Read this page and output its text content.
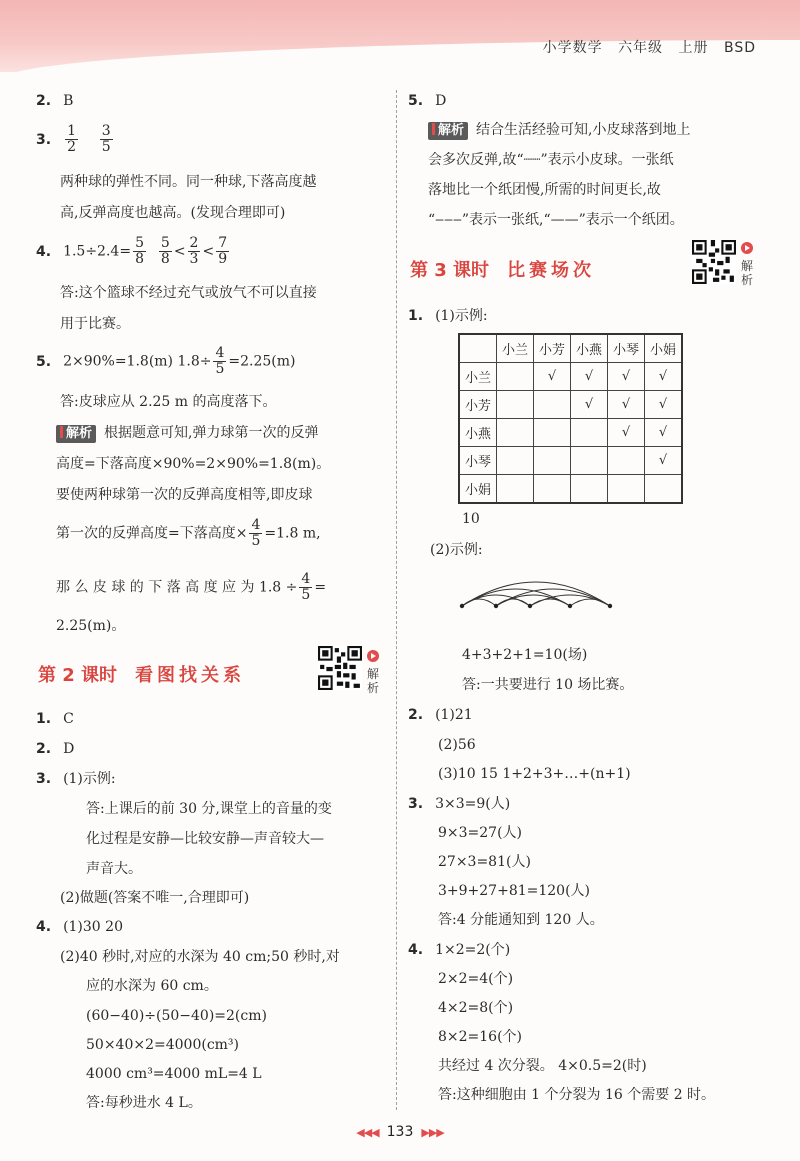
小学数学 六年级 上册 BSD
2. B
3. $\frac{1}{2}$
$\frac{3}{5}$
两种球的弹性不同。同一种球,下落高度越
高,反弹高度也越高。(发现合理即可)
4. $1.5\div 2.4= \frac{5}{8}$
$\frac{5}{8} < \frac{2}{3} < \frac{7}{9}$
答:这个篮球不经过充气或放气不可以直接
用于比赛。
5. 2×90%=1.8(m) $1.8\div \frac{4}{5} =2.25(m)$
答:皮球应从 2.25 m 的高度落下。
解析 根据题意可知,弹力球第一次的反弹
高度=下落高度×90%=2×90%=1.8(m)。
要使两种球第一次的反弹高度相等,即皮球
第一次的反弹高度=下落高度× $\frac{4}{5} =1.8$ m,
那 么 皮 球 的 下 落 高 度 应 为 $1.8 \div \frac{4}{5}$ =
2.25(m)。
第 2 课时 看图找关系	解析
1. C
2. D
3. (1)示例:
答:上课后的前 30 分,课堂上的音量的变
化过程是安静—比较安静—声音较大—
声音大。
(2)做题(答案不唯一,合理即可)
4. (1)30 20
(2)40 秒时,对应的水深为 40 cm;50 秒时,对
应的水深为 60 cm。
(60−40)÷(50−40)=2(cm)
50×40×2=4000(cm³)
4000 cm³=4000 mL=4 L
答:每秒进水 4 L。
5. D
解析 结合生活经验可知,小皮球落到地上
会多次反弹,故“┈┈”表示小皮球。一张纸
落地比一个纸团慢,所需的时间更长,故
“‒‒‒”表示一张纸,“——”表示一个纸团。
第 3 课时 比赛场次	解析
1. (1)示例:
	小兰	小芳	小燕	小琴	小娟
小兰		√	√	√	√
小芳			√	√	√
小燕				√	√
小琴					√
小娟					
10
(2)示例:
4+3+2+1=10(场)
答:一共要进行 10 场比赛。
2. (1)21
(2)56
(3)10 15 1+2+3+…+(n+1)
3. 3×3=9(人)
9×3=27(人)
27×3=81(人)
3+9+27+81=120(人)
答:4 分能通知到 120 人。
4. 1×2=2(个)
2×2=4(个)
4×2=8(个)
8×2=16(个)
共经过 4 次分裂。 4×0.5=2(时)
答:这种细胞由 1 个分裂为 16 个需要 2 时。
◀◀◀ 133 ▶▶▶
